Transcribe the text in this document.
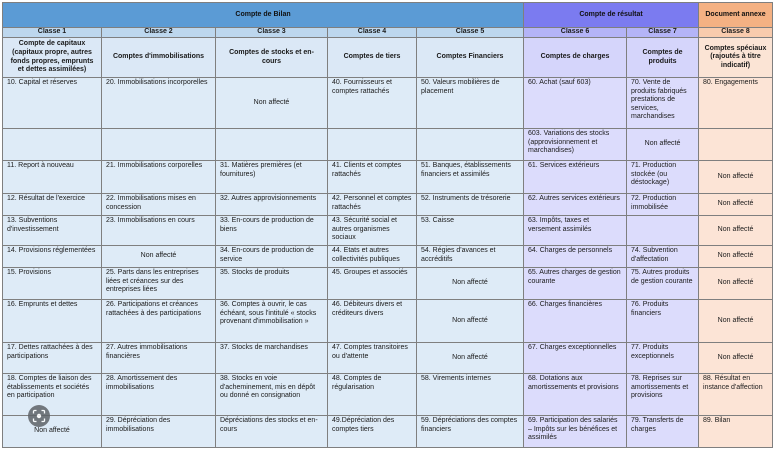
Compte de Bilan					Compte de résultat		Document annexe
Classe 1	Classe 2	Classe 3	Classe 4	Classe 5	Classe 6	Classe 7	Classe 8
Compte de capitaux (capitaux propre, autres fonds propres, emprunts et dettes assimilées)	Comptes d'immobilisations	Comptes de stocks et en-cours	Comptes de tiers	Comptes Financiers	Comptes de charges	Comptes de produits	Comptes spéciaux (rajoutés à titre indicatif)
10. Capital et réserves	20. Immobilisations incorporelles	Non affecté	40. Fournisseurs et comptes rattachés	50. Valeurs mobilières de placement	60. Achat (sauf 603)	70. Vente de produits fabriqués prestations de services, marchandises	80. Engagements
					603. Variations des stocks (approvisionnement et marchandises)	Non affecté	
11. Report à nouveau	21. Immobilisations corporelles	31. Matières premières (et fournitures)	41. Clients et comptes rattachés	51. Banques, établissements financiers et assimilés	61. Services extérieurs	71. Production stockée (ou déstockage)	Non affecté
12. Résultat de l'exercice	22. Immobilisations mises en concession	32. Autres approvisionnements	42. Personnel et comptes rattachés	52. Instruments de trésorerie	62. Autres services extérieurs	72. Production immobilisée	Non affecté
13. Subventions d'investissement	23. Immobilisations en cours	33. En-cours de production de biens	43. Sécurité social et autres organismes sociaux	53. Caisse	63. Impôts, taxes et versement assimilés		Non affecté
14. Provisions réglementées	Non affecté	34. En-cours de production de service	44. Etats et autres collectivités publiques	54. Régies d'avances et accréditifs	64. Charges de personnels	74. Subvention d'affectation	Non affecté
15. Provisions	25. Parts dans les entreprises liées et créances sur des entreprises liées	35. Stocks de produits	45. Groupes et associés	Non affecté	65. Autres charges de gestion courante	75. Autres produits de gestion courante	Non affecté
16. Emprunts et dettes	26. Participations et créances rattachées à des participations	36. Comptes à ouvrir, le cas échéant, sous l'intitulé « stocks provenant d'immobilisation »	46. Débiteurs divers et créditeurs divers	Non affecté	66. Charges financières	76. Produits financiers	Non affecté
17. Dettes rattachées à des participations	27. Autres immobilisations financières	37. Stocks de marchandises	47. Comptes transitoires ou d'attente	Non affecté	67. Charges exceptionnelles	77. Produits exceptionnels	Non affecté
18. Comptes de liaison des établissements et sociétés en participation	28. Amortissement des immobilisations	38. Stocks en voie d'acheminement, mis en dépôt ou donné en consignation	48. Comptes de régularisation	58. Virements internes	68. Dotations aux amortissements et provisions	78. Reprises sur amortissements et provisions	88. Résultat en instance d'affection
Non affecté	29. Dépréciation des immobilisations	Dépréciations des stocks et en-cours	49.Dépréciation des comptes tiers	59. Dépréciations des comptes financiers	69. Participation des salariés – Impôts sur les bénéfices et assimilés	79. Transferts de charges	89. Bilan
